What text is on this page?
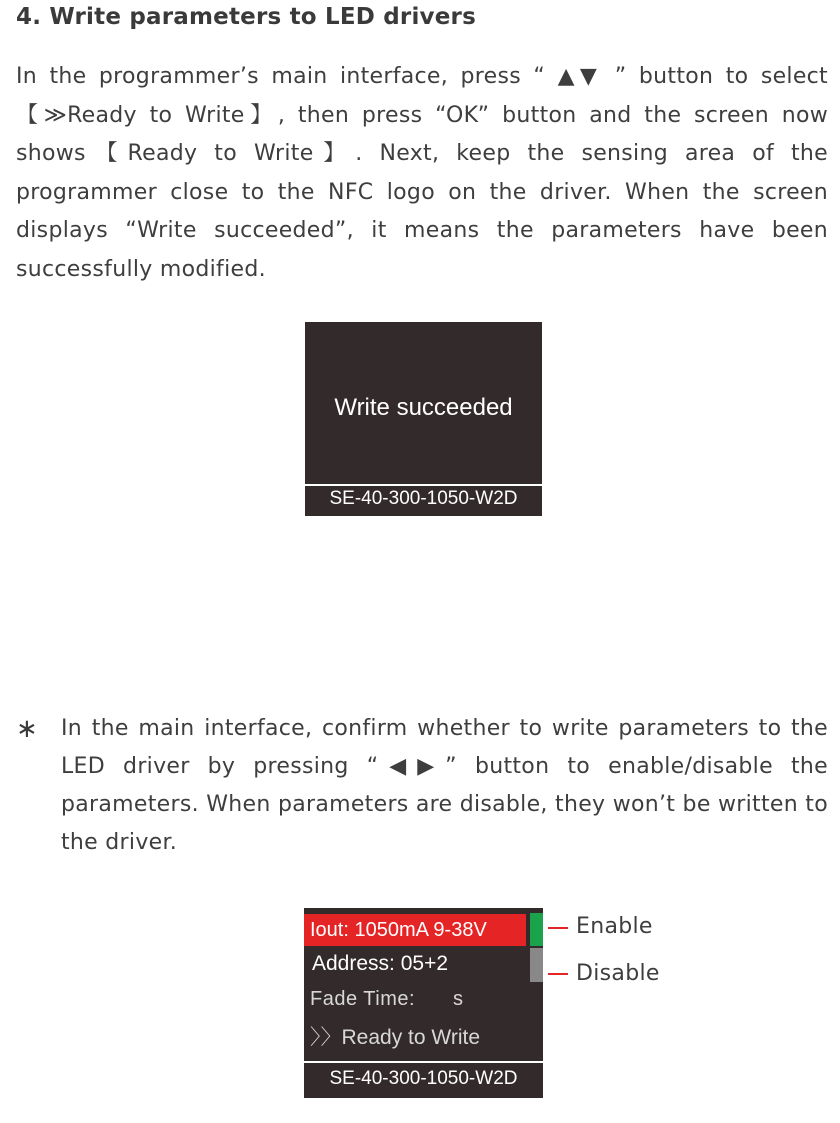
4. Write parameters to LED drivers
In the programmer’s main interface, press “ ▲▼ ” button to select 【≫Ready to Write】, then press “OK” button and the screen now shows【Ready to Write】. Next, keep the sensing area of the programmer close to the NFC logo on the driver. When the screen displays “Write succeeded”, it means the parameters have been successfully modified.
Write succeeded
SE-40-300-1050-W2D
∗ In the main interface, confirm whether to write parameters to the LED driver by pressing “◀▶” button to enable/disable the parameters. When parameters are disable, they won’t be written to the driver.
Iout: 1050mA 9-38V
Address: 05+2
Fade Time: s
〉〉Ready to Write
SE-40-300-1050-W2D
Enable
Disable
